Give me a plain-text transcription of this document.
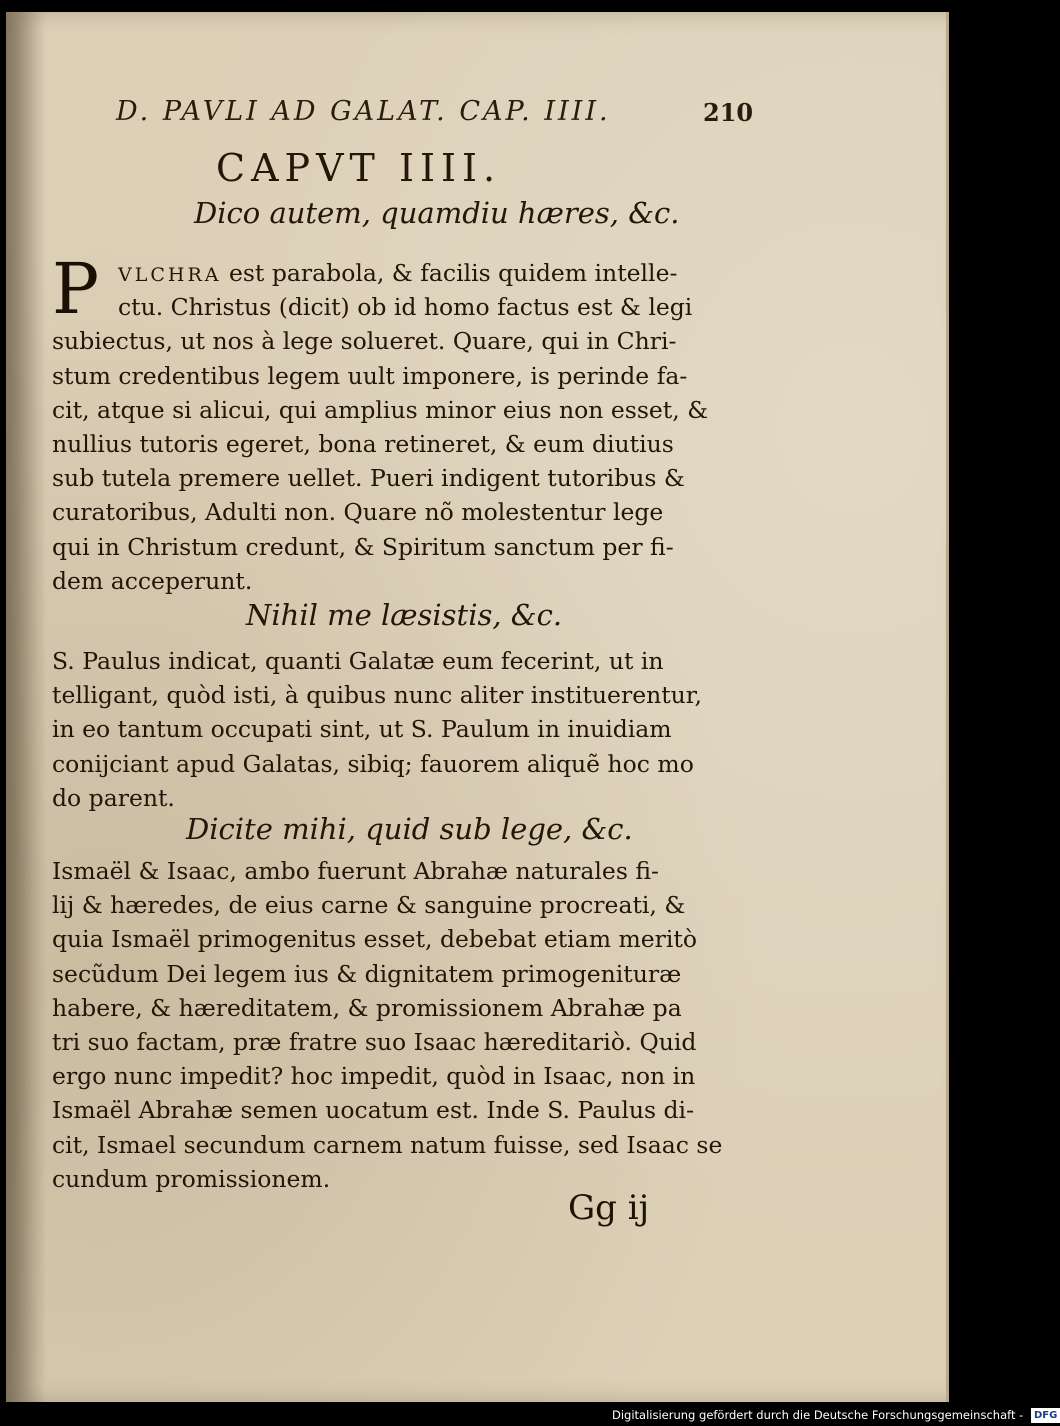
D. PAVLI AD GALAT. CAP. IIII.	210
CAPVT IIII.
Dico autem, quamdiu hæres, &c.
P VLCHRA est parabola, & facilis quidem intelle-
ctu. Christus (dicit) ob id homo factus est & legi
subiectus, ut nos à lege solueret. Quare, qui in Chri-
stum credentibus legem uult imponere, is perinde fa-
cit, atque si alicui, qui amplius minor eius non esset, &
nullius tutoris egeret, bona retineret, & eum diutius
sub tutela premere uellet. Pueri indigent tutoribus &
curatoribus, Adulti non. Quare nõ molestentur lege
qui in Christum credunt, & Spiritum sanctum per fi-
dem acceperunt.
Nihil me læsistis, &c.
S. Paulus indicat, quanti Galatæ eum fecerint, ut in
telligant, quòd isti, à quibus nunc aliter instituerentur,
in eo tantum occupati sint, ut S. Paulum in inuidiam
conijciant apud Galatas, sibiq; fauorem aliquẽ hoc mo
do parent.
Dicite mihi, quid sub lege, &c.
Ismaël & Isaac, ambo fuerunt Abrahæ naturales fi-
lij & hæredes, de eius carne & sanguine procreati, &
quia Ismaël primogenitus esset, debebat etiam meritò
secũdum Dei legem ius & dignitatem primogenituræ
habere, & hæreditatem, & promissionem Abrahæ pa
tri suo factam, præ fratre suo Isaac hæreditariò. Quid
ergo nunc impedit? hoc impedit, quòd in Isaac, non in
Ismaël Abrahæ semen uocatum est. Inde S. Paulus di-
cit, Ismael secundum carnem natum fuisse, sed Isaac se
cundum promissionem.
Gg ij
Digitalisierung gefördert durch die Deutsche Forschungsgemeinschaft - DFG
